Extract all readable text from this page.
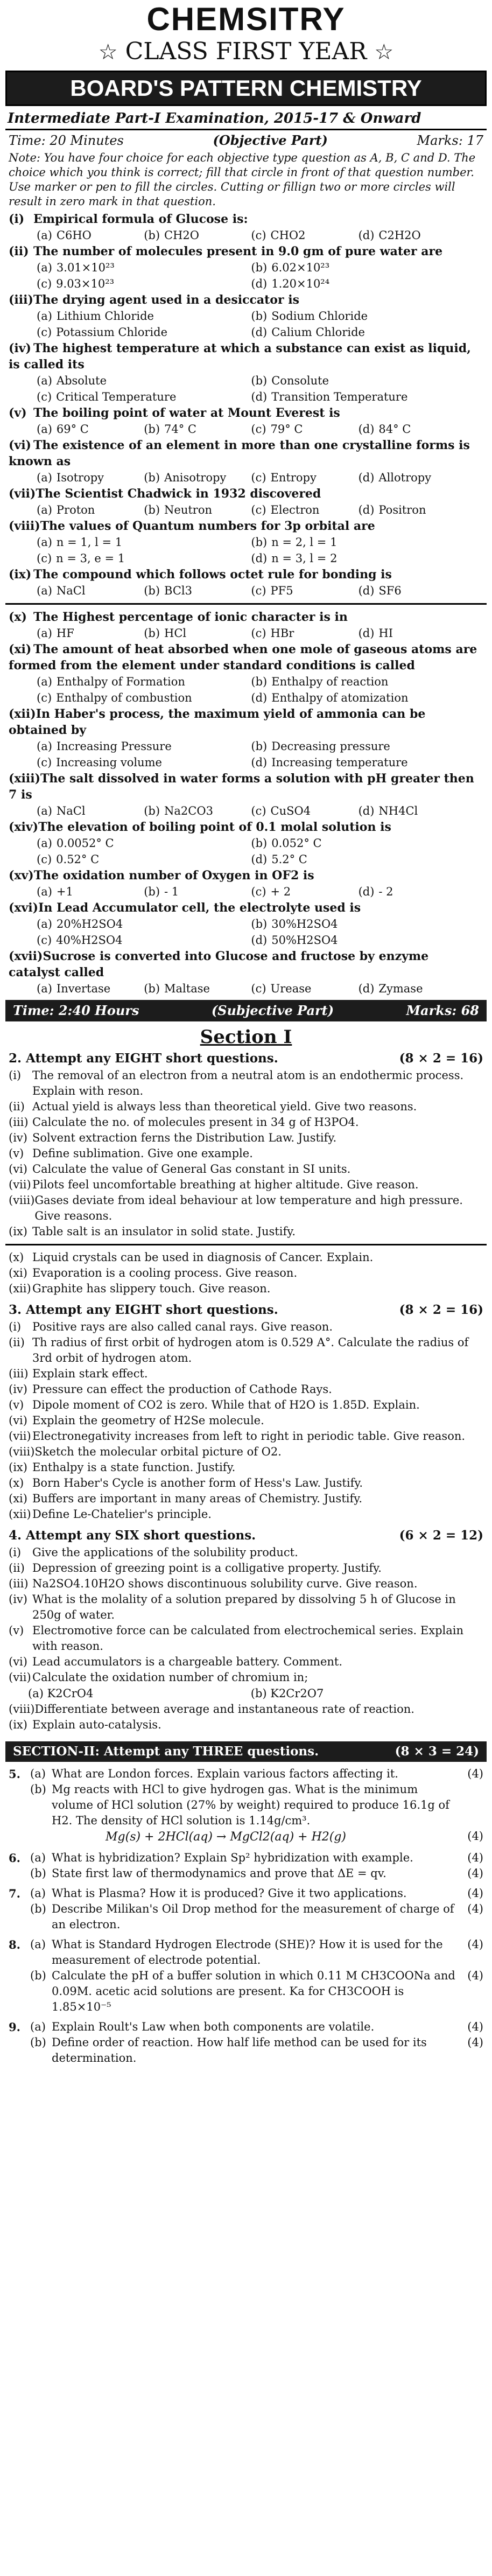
CHEMSITRY
☆ CLASS FIRST YEAR ☆
BOARD'S PATTERN CHEMISTRY
Intermediate Part-I Examination, 2015-17 & Onward
Time: 20 Minutes	(Objective Part)	Marks: 17
Note: You have four choice for each objective type question as A, B, C and D. The choice which you think is correct; fill that circle in front of that question number. Use marker or pen to fill the circles. Cutting or fillign two or more circles will result in zero mark in that question.
(i) Empirical formula of Glucose is:
(a) C6HO	(b) CH2O	(c) CHO2	(d) C2H2O
(ii) The number of molecules present in 9.0 gm of pure water are
(a) 3.01×10²³	(b) 6.02×10²³
(c) 9.03×10²³	(d) 1.20×10²⁴
(iii)The drying agent used in a desiccator is
(a) Lithium Chloride	(b) Sodium Chloride
(c) Potassium Chloride	(d) Calium Chloride
(iv) The highest temperature at which a substance can exist as liquid, is called its
(a) Absolute	(b) Consolute
(c) Critical Temperature	(d) Transition Temperature
(v) The boiling point of water at Mount Everest is
(a) 69° C	(b) 74° C	(c) 79° C	(d) 84° C
(vi) The existence of an element in more than one crystalline forms is known as
(a) Isotropy	(b) Anisotropy	(c) Entropy	(d) Allotropy
(vii)The Scientist Chadwick in 1932 discovered
(a) Proton	(b) Neutron	(c) Electron	(d) Positron
(viii)The values of Quantum numbers for 3p orbital are
(a) n = 1, l = 1	(b) n = 2, l = 1
(c) n = 3, e = 1	(d) n = 3, l = 2
(ix) The compound which follows octet rule for bonding is
(a) NaCl	(b) BCl3	(c) PF5	(d) SF6
(x) The Highest percentage of ionic character is in
(a) HF	(b) HCl	(c) HBr	(d) HI
(xi) The amount of heat absorbed when one mole of gaseous atoms are formed from the element under standard conditions is called
(a) Enthalpy of Formation	(b) Enthalpy of reaction
(c) Enthalpy of combustion	(d) Enthalpy of atomization
(xii)In Haber's process, the maximum yield of ammonia can be obtained by
(a) Increasing Pressure	(b) Decreasing pressure
(c) Increasing volume	(d) Increasing temperature
(xiii)The salt dissolved in water forms a solution with pH greater then 7 is
(a) NaCl	(b) Na2CO3	(c) CuSO4	(d) NH4Cl
(xiv)The elevation of boiling point of 0.1 molal solution is
(a) 0.0052° C	(b) 0.052° C
(c) 0.52° C	(d) 5.2° C
(xv)The oxidation number of Oxygen in OF2 is
(a) +1	(b) - 1	(c) + 2	(d) - 2
(xvi)In Lead Accumulator cell, the electrolyte used is
(a) 20%H2SO4	(b) 30%H2SO4
(c) 40%H2SO4	(d) 50%H2SO4
(xvii)Sucrose is converted into Glucose and fructose by enzyme catalyst called
(a) Invertase	(b) Maltase	(c) Urease	(d) Zymase
Time: 2:40 Hours	(Subjective Part)	Marks: 68
Section I
2. Attempt any EIGHT short questions.	(8 × 2 = 16)
(i) The removal of an electron from a neutral atom is an endothermic process. Explain with reson.
(ii) Actual yield is always less than theoretical yield. Give two reasons.
(iii) Calculate the no. of molecules present in 34 g of H3PO4.
(iv) Solvent extraction ferns the Distribution Law. Justify.
(v) Define sublimation. Give one example.
(vi) Calculate the value of General Gas constant in SI units.
(vii) Pilots feel uncomfortable breathing at higher altitude. Give reason.
(viii) Gases deviate from ideal behaviour at low temperature and high pressure. Give reasons.
(ix) Table salt is an insulator in solid state. Justify.
(x) Liquid crystals can be used in diagnosis of Cancer. Explain.
(xi) Evaporation is a cooling process. Give reason.
(xii) Graphite has slippery touch. Give reason.
3. Attempt any EIGHT short questions.	(8 × 2 = 16)
(i) Positive rays are also called canal rays. Give reason.
(ii) Th radius of first orbit of hydrogen atom is 0.529 A°. Calculate the radius of 3rd orbit of hydrogen atom.
(iii) Explain stark effect.
(iv) Pressure can effect the production of Cathode Rays.
(v) Dipole moment of CO2 is zero. While that of H2O is 1.85D. Explain.
(vi) Explain the geometry of H2Se molecule.
(vii) Electronegativity increases from left to right in periodic table. Give reason.
(viii) Sketch the molecular orbital picture of O2.
(ix) Enthalpy is a state function. Justify.
(x) Born Haber's Cycle is another form of Hess's Law. Justify.
(xi) Buffers are important in many areas of Chemistry. Justify.
(xii) Define Le-Chatelier's principle.
4. Attempt any SIX short questions.	(6 × 2 = 12)
(i) Give the applications of the solubility product.
(ii) Depression of greezing point is a colligative property. Justify.
(iii) Na2SO4.10H2O shows discontinuous solubility curve. Give reason.
(iv) What is the molality of a solution prepared by dissolving 5 h of Glucose in 250g of water.
(v) Electromotive force can be calculated from electrochemical series. Explain with reason.
(vi) Lead accumulators is a chargeable battery. Comment.
(vii) Calculate the oxidation number of chromium in;
(a) K2CrO4	(b) K2Cr2O7
(viii) Differentiate between average and instantaneous rate of reaction.
(ix) Explain auto-catalysis.
SECTION-II: Attempt any THREE questions.	(8 × 3 = 24)
5. (a) What are London forces. Explain various factors affecting it.	(4)
(b) Mg reacts with HCl to give hydrogen gas. What is the minimum volume of HCl solution (27% by weight) required to produce 16.1g of H2. The density of HCl solution is 1.14g/cm³.
Mg(s) + 2HCl(aq) → MgCl2(aq) + H2(g)	(4)
6. (a) What is hybridization? Explain Sp² hybridization with example.	(4)
(b) State first law of thermodynamics and prove that ΔE = qv.	(4)
7. (a) What is Plasma? How it is produced? Give it two applications.	(4)
(b) Describe Milikan's Oil Drop method for the measurement of charge of an electron.
(4)
8. (a) What is Standard Hydrogen Electrode (SHE)? How it is used for the measurement of electrode potential.
(4)
(b) Calculate the pH of a buffer solution in which 0.11 M CH3COONa and 0.09M. acetic acid solutions are present. Ka for CH3COOH is 1.85×10⁻⁵
(4)
9. (a) Explain Roult's Law when both components are volatile.	(4)
(b) Define order of reaction. How half life method can be used for its determination.
(4)
